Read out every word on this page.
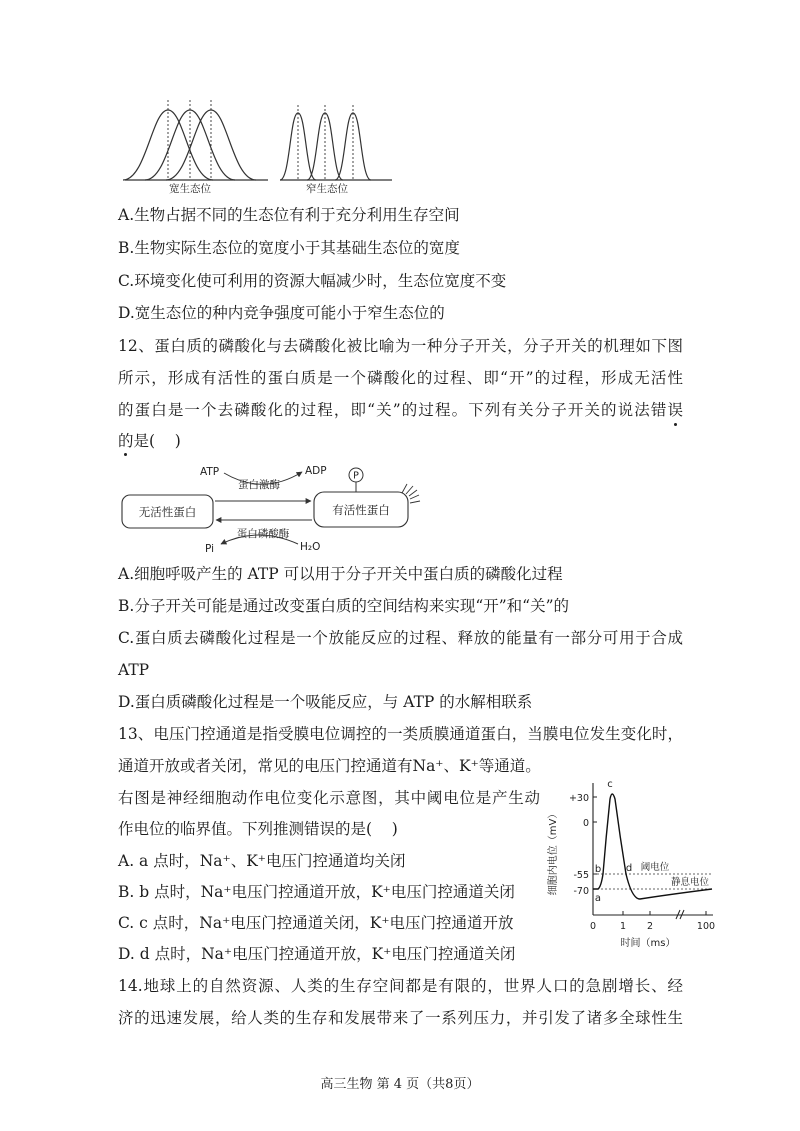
宽生态位	窄生态位
A.生物占据不同的生态位有利于充分利用生存空间
B.生物实际生态位的宽度小于其基础生态位的宽度
C.环境变化使可利用的资源大幅减少时，生态位宽度不变
D.宽生态位的种内竞争强度可能小于窄生态位的
12、蛋白质的磷酸化与去磷酸化被比喻为一种分子开关，分子开关的机理如下图
所示，形成有活性的蛋白质是一个磷酸化的过程、即“开”的过程，形成无活性
的蛋白是一个去磷酸化的过程，即“关”的过程。下列有关分子开关的说法错误
的是(    )
无活性蛋白	有活性蛋白
P
ATP	ADP
蛋白激酶
蛋白磷酸酶
H₂O
Pi
A.细胞呼吸产生的 ATP 可以用于分子开关中蛋白质的磷酸化过程
B.分子开关可能是通过改变蛋白质的空间结构来实现“开”和“关”的
C.蛋白质去磷酸化过程是一个放能反应的过程、释放的能量有一部分可用于合成
ATP
D.蛋白质磷酸化过程是一个吸能反应，与 ATP 的水解相联系
13、电压门控通道是指受膜电位调控的一类质膜通道蛋白，当膜电位发生变化时，
通道开放或者关闭，常见的电压门控通道有Na⁺、K⁺等通道。
右图是神经细胞动作电位变化示意图，其中阈电位是产生动
作电位的临界值。下列推测错误的是(    )
+30
0
-55
-70
细胞内电位（mV）
0	1 2	100
时间（ms）
a
b
c
d 阈电位
静息电位
A. a 点时，Na⁺、K⁺电压门控通道均关闭
B. b 点时，Na⁺电压门控通道开放，K⁺电压门控通道关闭
C. c 点时，Na⁺电压门控通道关闭，K⁺电压门控通道开放
D. d 点时，Na⁺电压门控通道开放，K⁺电压门控通道关闭
14.地球上的自然资源、人类的生存空间都是有限的，世界人口的急剧增长、经
济的迅速发展，给人类的生存和发展带来了一系列压力，并引发了诸多全球性生
高三生物 第 4 页（共8页）
